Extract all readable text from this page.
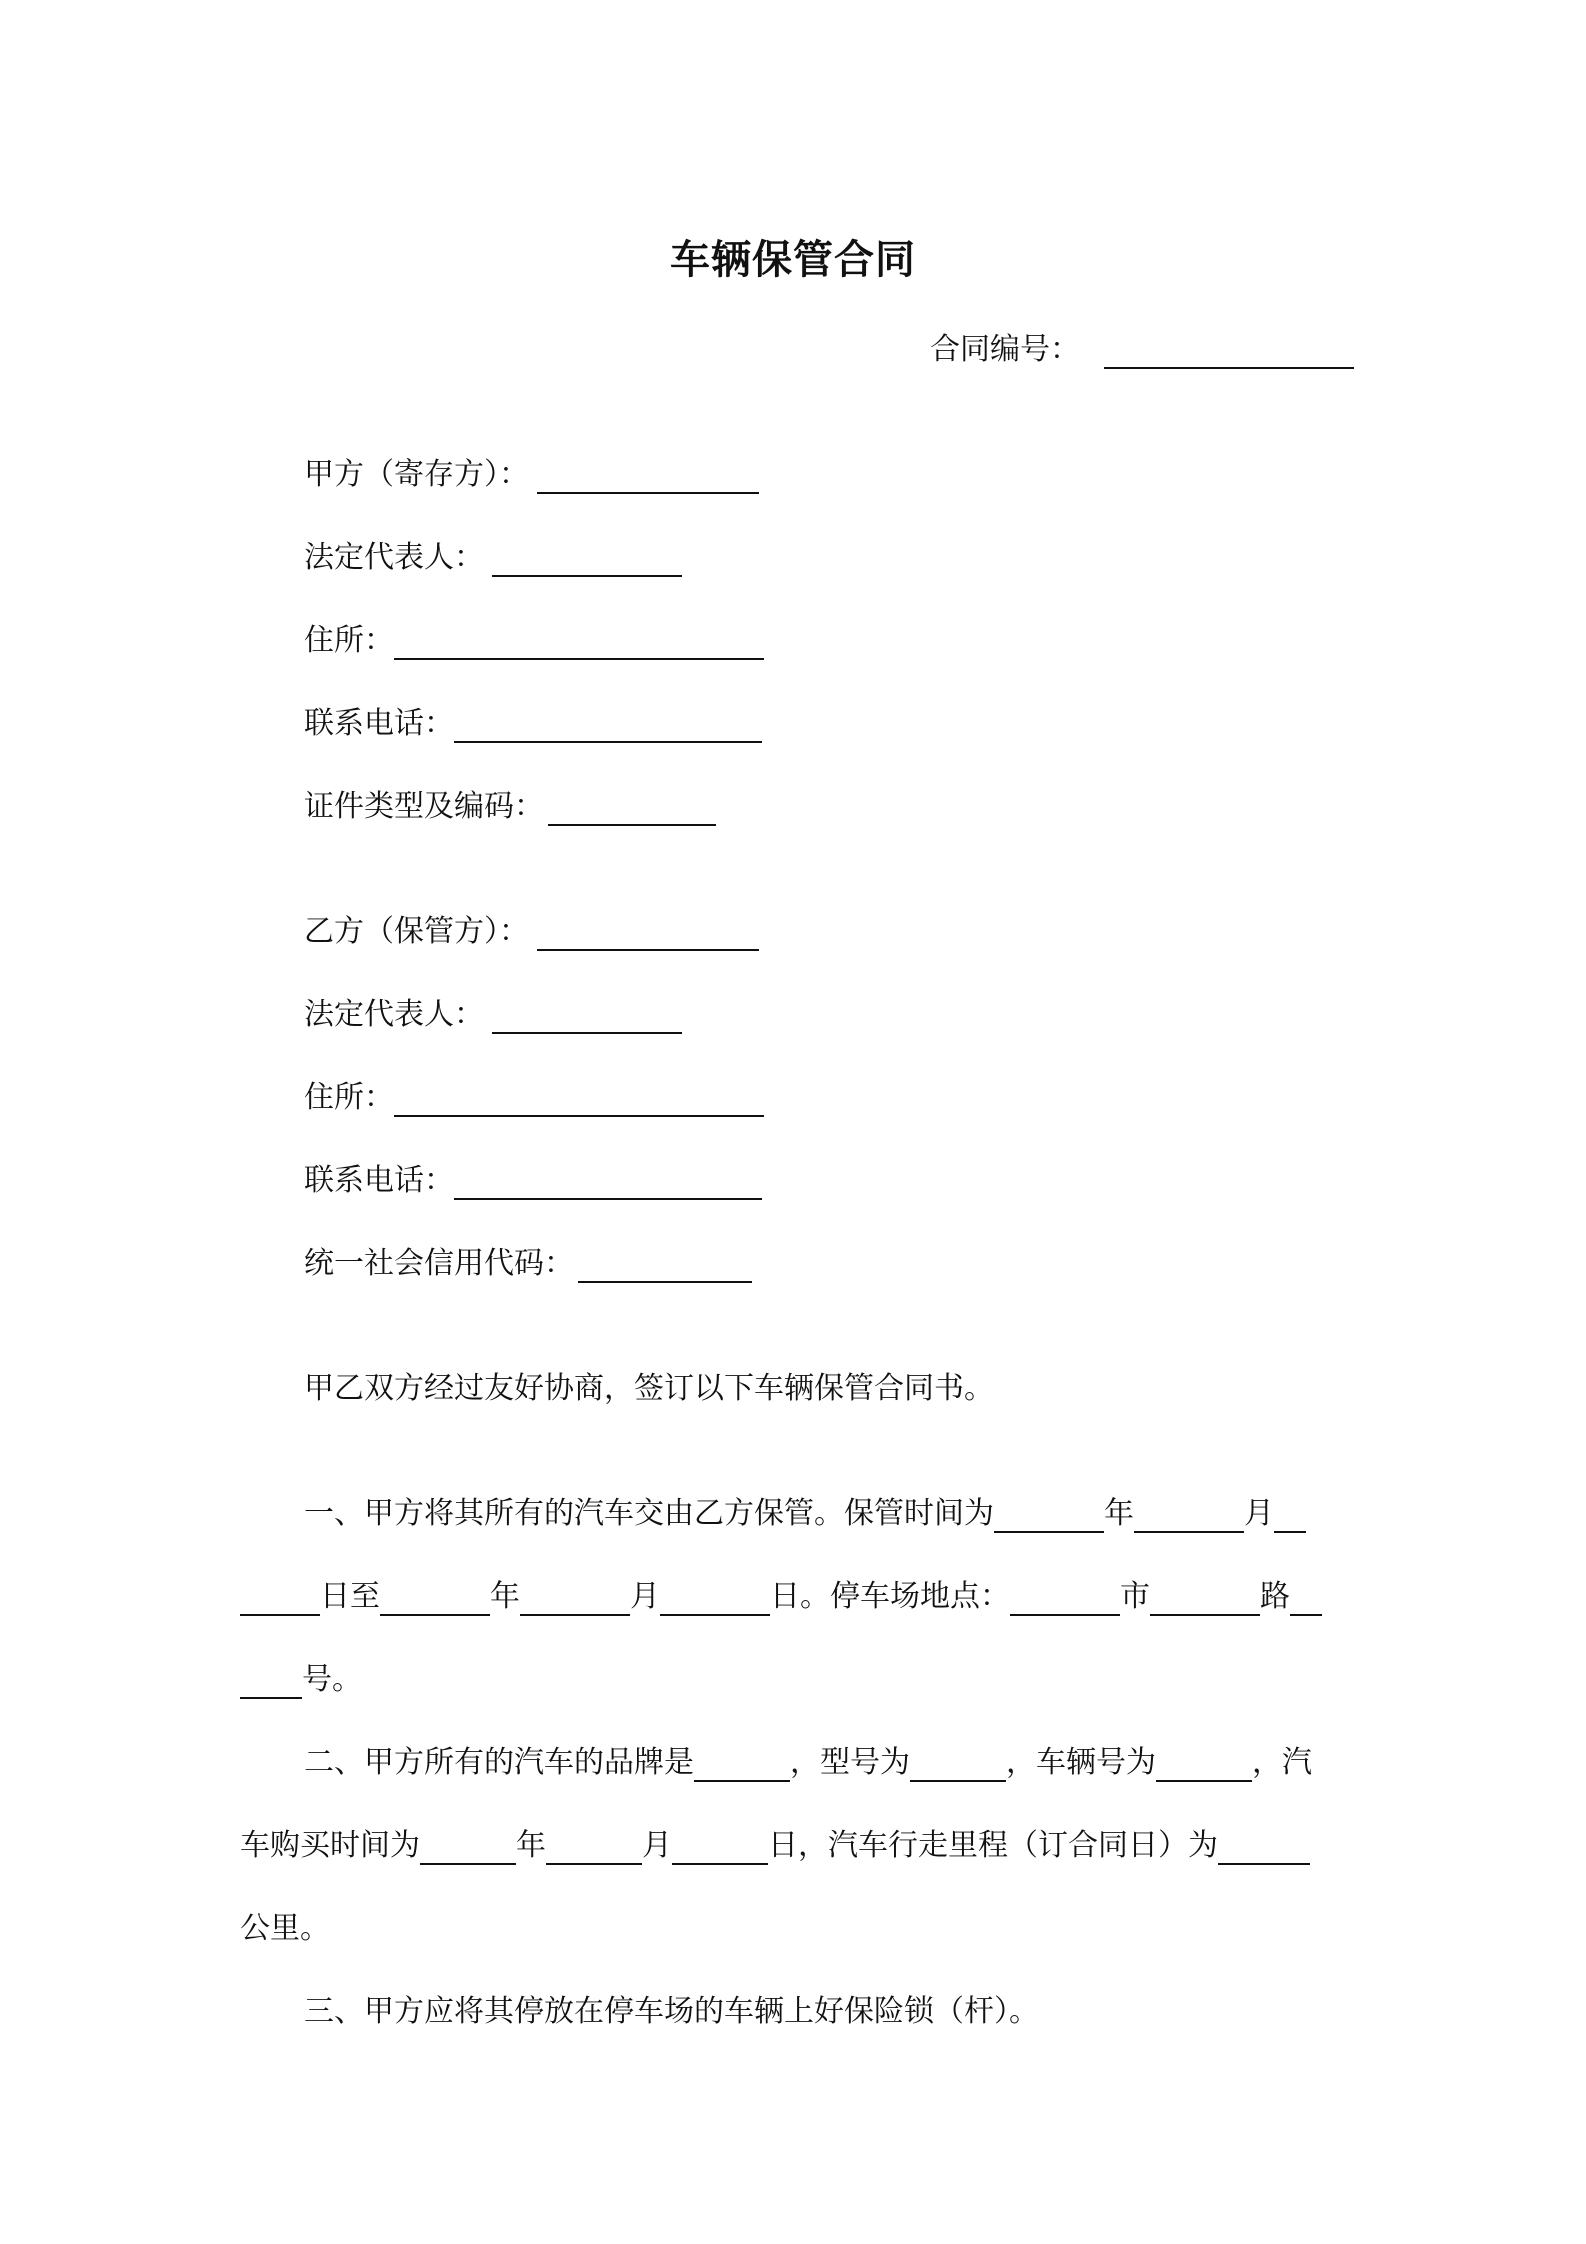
车辆保管合同
合同编号：
甲方（寄存方）：
法定代表人：
住所：
联系电话：
证件类型及编码：
乙方（保管方）：
法定代表人：
住所：
联系电话：
统一社会信用代码：
甲乙双方经过友好协商，签订以下车辆保管合同书。
一、甲方将其所有的汽车交由乙方保管。保管时间为	年	月
日至	年	月	日。停车场地点：	市	路
号。
二、甲方所有的汽车的品牌是	，型号为	，车辆号为	，汽
车购买时间为	年	月	日，汽车行走里程（订合同日）为
公里。
三、甲方应将其停放在停车场的车辆上好保险锁（杆）。
